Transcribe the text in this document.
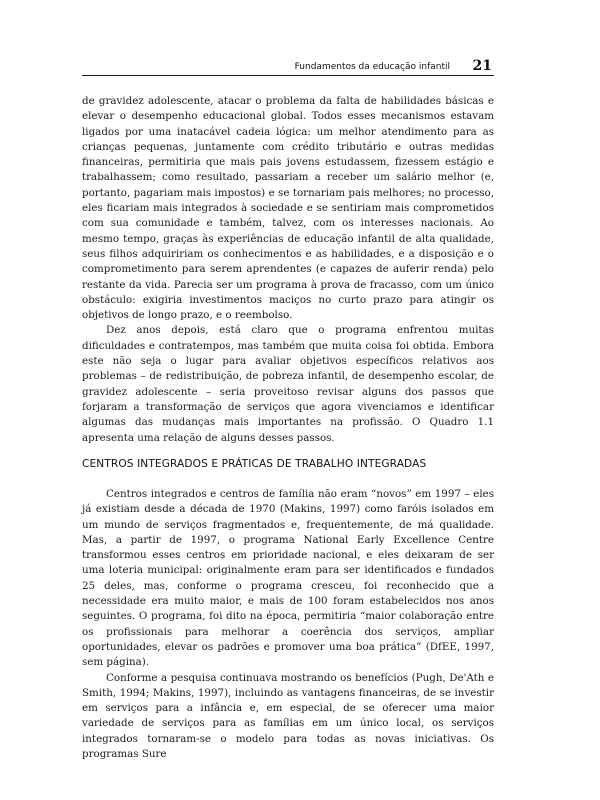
Fundamentos da educação infantil 21

de gravidez adolescente, atacar o problema da falta de habilidades básicas e elevar o desempenho educacional global. Todos esses mecanismos estavam ligados por uma inatacável cadeia lógica: um melhor atendimento para as crianças pequenas, juntamente com crédito tributário e outras medidas financeiras, permitiria que mais pais jovens estudassem, fizessem estágio e trabalhassem; como resultado, passariam a receber um salário melhor (e, portanto, pagariam mais impostos) e se tornariam pais melhores; no processo, eles ficariam mais integrados à sociedade e se sentiriam mais comprometidos com sua comunidade e também, talvez, com os interesses nacionais. Ao mesmo tempo, graças às experiências de educação infantil de alta qualidade, seus filhos adquiririam os conhecimentos e as habilidades, e a disposição e o comprometimento para serem aprendentes (e capazes de auferir renda) pelo restante da vida. Parecia ser um programa à prova de fracasso, com um único obstáculo: exigiria investimentos maciços no curto prazo para atingir os objetivos de longo prazo, e o reembolso.

Dez anos depois, está claro que o programa enfrentou muitas dificuldades e contratempos, mas também que muita coisa foi obtida. Embora este não seja o lugar para avaliar objetivos específicos relativos aos problemas – de redistribuição, de pobreza infantil, de desempenho escolar, de gravidez adolescente – seria proveitoso revisar alguns dos passos que forjaram a transformação de serviços que agora vivenciamos e identificar algumas das mudanças mais importantes na profissão. O Quadro 1.1 apresenta uma relação de alguns desses passos.

CENTROS INTEGRADOS E PRÁTICAS DE TRABALHO INTEGRADAS

Centros integrados e centros de família não eram “novos” em 1997 – eles já existiam desde a década de 1970 (Makins, 1997) como faróis isolados em um mundo de serviços fragmentados e, frequentemente, de má qualidade. Mas, a partir de 1997, o programa National Early Excellence Centre transformou esses centros em prioridade nacional, e eles deixaram de ser uma loteria municipal: originalmente eram para ser identificados e fundados 25 deles, mas, conforme o programa cresceu, foi reconhecido que a necessidade era muito maior, e mais de 100 foram estabelecidos nos anos seguintes. O programa, foi dito na época, permitiria “maior colaboração entre os profissionais para melhorar a coerência dos serviços, ampliar oportunidades, elevar os padrões e promover uma boa prática” (DfEE, 1997, sem página).

Conforme a pesquisa continuava mostrando os benefícios (Pugh, De'Ath e Smith, 1994; Makins, 1997), incluindo as vantagens financeiras, de se investir em serviços para a infância e, em especial, de se oferecer uma maior variedade de serviços para as famílias em um único local, os serviços integrados tornaram-se o modelo para todas as novas iniciativas. Os programas Sure
